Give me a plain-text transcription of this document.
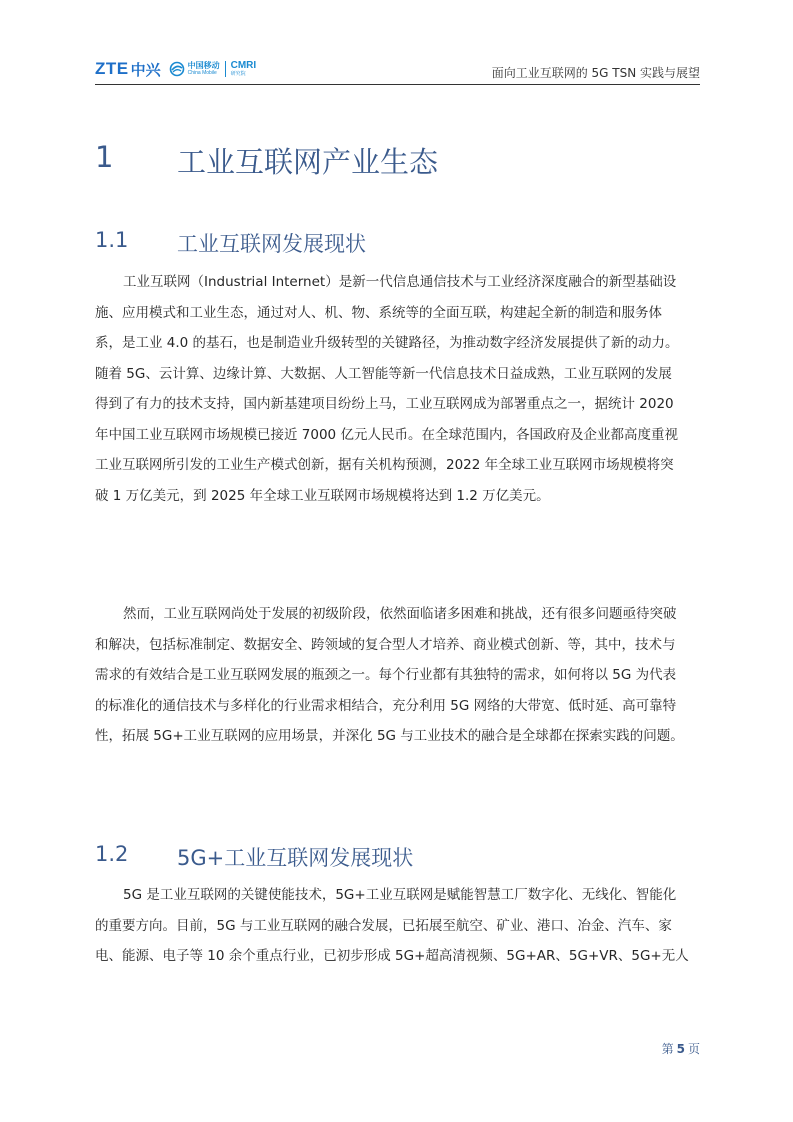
ZTE 中兴	中国移动
China Mobile
CMRI
研究院	面向工业互联网的 5G TSN 实践与展望
1	工业互联网产业生态
1.1	工业互联网发展现状
工业互联网（Industrial Internet）是新一代信息通信技术与工业经济深度融合的新型基础设
施、应用模式和工业生态，通过对人、机、物、系统等的全面互联，构建起全新的制造和服务体
系，是工业 4.0 的基石，也是制造业升级转型的关键路径，为推动数字经济发展提供了新的动力。
随着 5G、云计算、边缘计算、大数据、人工智能等新一代信息技术日益成熟，工业互联网的发展
得到了有力的技术支持，国内新基建项目纷纷上马，工业互联网成为部署重点之一，据统计 2020
年中国工业互联网市场规模已接近 7000 亿元人民币。在全球范围内，各国政府及企业都高度重视
工业互联网所引发的工业生产模式创新，据有关机构预测，2022 年全球工业互联网市场规模将突
破 1 万亿美元，到 2025 年全球工业互联网市场规模将达到 1.2 万亿美元。
然而，工业互联网尚处于发展的初级阶段，依然面临诸多困难和挑战，还有很多问题亟待突破
和解决，包括标准制定、数据安全、跨领域的复合型人才培养、商业模式创新、等，其中，技术与
需求的有效结合是工业互联网发展的瓶颈之一。每个行业都有其独特的需求，如何将以 5G 为代表
的标准化的通信技术与多样化的行业需求相结合，充分利用 5G 网络的大带宽、低时延、高可靠特
性，拓展 5G+工业互联网的应用场景，并深化 5G 与工业技术的融合是全球都在探索实践的问题。
1.2	5G+工业互联网发展现状
5G 是工业互联网的关键使能技术，5G+工业互联网是赋能智慧工厂数字化、无线化、智能化
的重要方向。目前，5G 与工业互联网的融合发展，已拓展至航空、矿业、港口、冶金、汽车、家
电、能源、电子等 10 余个重点行业，已初步形成 5G+超高清视频、5G+AR、5G+VR、5G+无人
第 5 页
